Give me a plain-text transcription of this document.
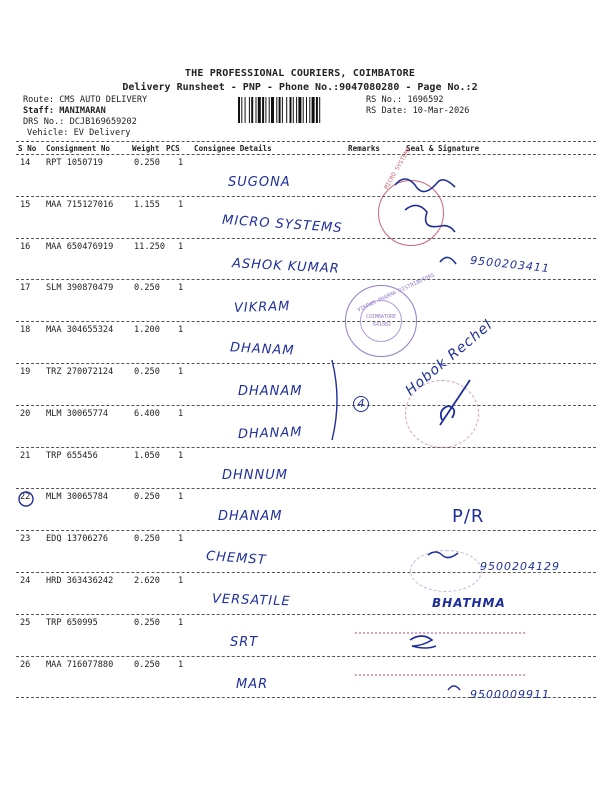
THE PROFESSIONAL COURIERS, COIMBATORE
Delivery Runsheet - PNP - Phone No.:9047080280 - Page No.:2
Route: CMS AUTO DELIVERY
Staff: MANIMARAN
DRS No.: DCJB169659202
Vehicle: EV Delivery
RS No.: 1696592
RS Date: 10-Mar-2026
S No Consignment No	Weight PCS Consignee Details	Remarks	Seal & Signature
14 RPT 1050719	0.250 1
SUGONA
15 MAA 715127016 1.155 1
MICRO SYSTEMS
16 MAA 650476919 11.250 1
ASHOK KUMAR
17 SLM 390870479 0.250 1
VIKRAM
18 MAA 304655324 1.200 1
DHANAM
19 TRZ 270072124 0.250 1
DHANAM
20 MLM 30065774	6.400 1
DHANAM
21 TRP 655456	1.050 1
DHNNUM
22 MLM 30065784	0.250 1
DHANAM
23 EDQ 13706276	0.250 1
CHEMST
24 HRD 363436242 2.620 1
VERSATILE
25 TRP 650995	0.250 1
SRT
26 MAA 716077880 0.250 1
MAR
MICRO SYSTEMS
VIKRAM PHARMA DISTRIBUTORS
COIMBATORE
641002
9500203411
Hobok Rechel
4
P/R
9500204129
BHATHMA
9500009911
